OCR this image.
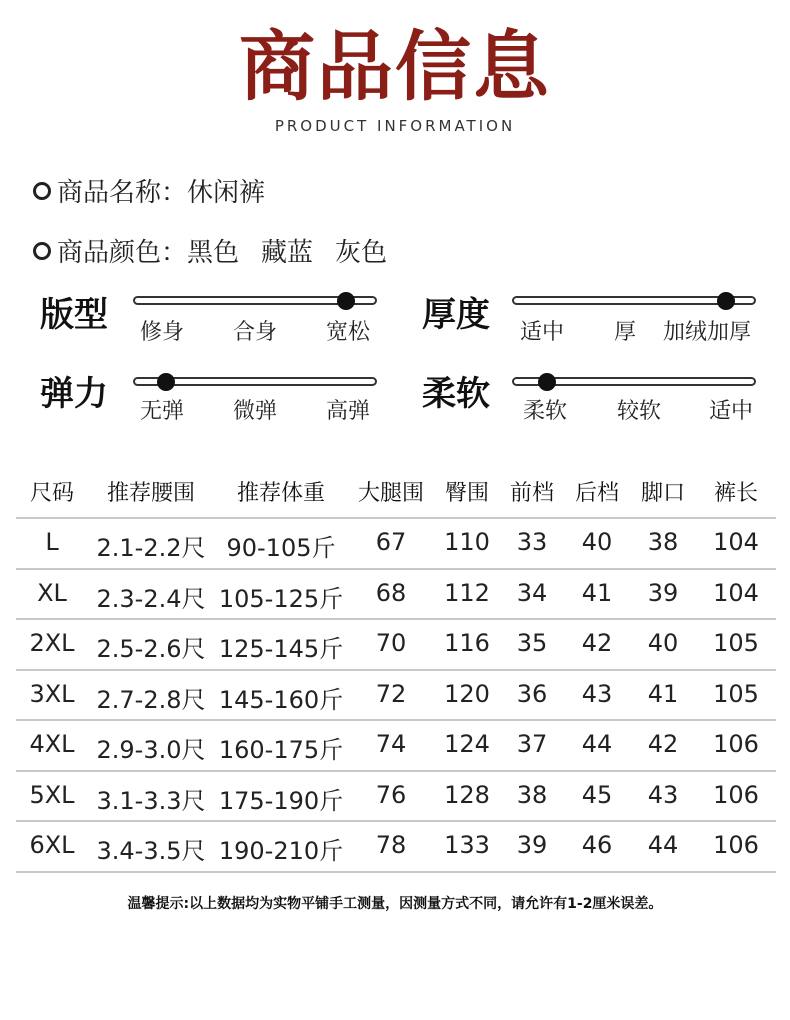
商品信息
PRODUCT INFORMATION
商品名称： 休闲裤
商品颜色： 黑色 藏蓝 灰色
版型 修身 合身 宽松 厚度 适中 厚 加绒加厚
弹力 无弹 微弹 高弹 柔软 柔软 较软 适中
尺码	推荐腰围	推荐体重	大腿围 臀围 前档 后档 脚口	裤长
L	2.1-2.2尺 90-105斤	67	110	33	40	38	104
XL	2.3-2.4尺 105-125斤	68	112	34	41	39	104
2XL 2.5-2.6尺 125-145斤	70	116	35	42	40	105
3XL 2.7-2.8尺 145-160斤	72	120	36	43	41	105
4XL 2.9-3.0尺 160-175斤	74	124	37	44	42	106
5XL 3.1-3.3尺 175-190斤	76	128	38	45	43	106
6XL 3.4-3.5尺 190-210斤	78	133	39	46	44	106
温馨提示:以上数据均为实物平铺手工测量，因测量方式不同，请允许有1-2厘米误差。
